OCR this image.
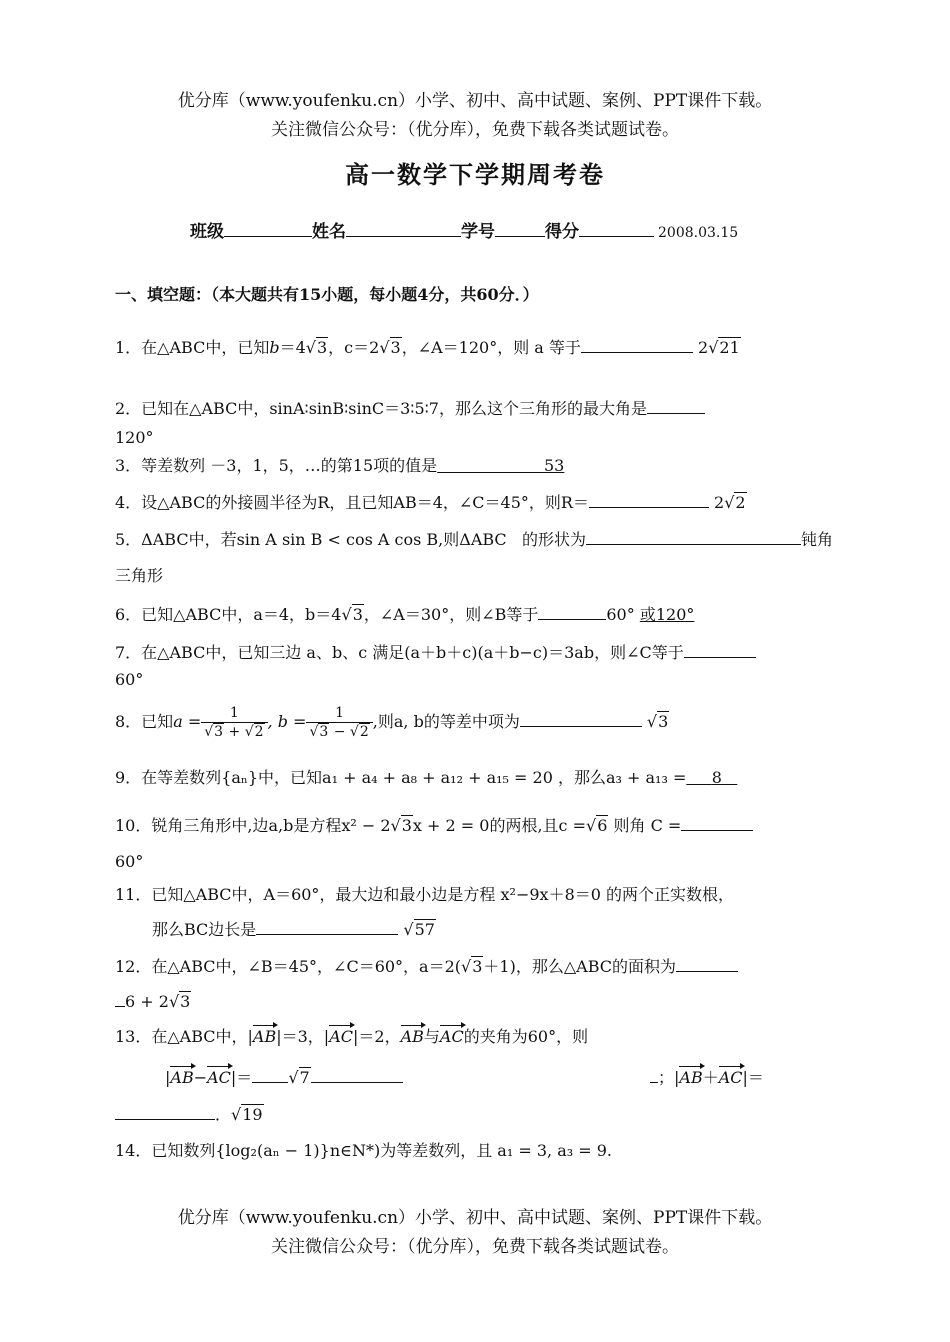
优分库（www.youfenku.cn）小学、初中、高中试题、案例、PPT课件下载。
关注微信公众号：（优分库），免费下载各类试题试卷。
高一数学下学期周考卷
班级	姓名	学号	得分	2008.03.15
一、填空题：（本大题共有15小题，每小题4分，共60分．）
1．在△ABC中，已知b＝4√3，c＝2√3，∠A＝120°，则 a 等于	2√21
2．已知在△ABC中，sinA∶sinB∶sinC＝3∶5∶7，那么这个三角形的最大角是
120°
3．等差数列 －3，1，5，…的第15项的值是	53
4．设△ABC的外接圆半径为R，且已知AB＝4，∠C＝45°，则R＝	2√2
5．ΔABC中，若sin A sin B < cos A cos B,则ΔABC 的形状为	钝角
三角形
6．已知△ABC中，a＝4，b＝4√3，∠A＝30°，则∠B等于	60° 或120°
7．在△ABC中，已知三边 a、b、c 满足(a＋b＋c)(a＋b−c)＝3ab，则∠C等于
60°
8．已知$a = \frac{1}{√3 + √2}$ , $b = \frac{1}{√3 - √2}$ ,则a, b的等差中项为	√3
9．在等差数列{aₙ}中，已知a₁ + a₄ + a₈ + a₁₂ + a₁₅ = 20 ，那么a₃ + a₁₃ = 8
10．锐角三角形中,边a,b是方程x² − 2√3x + 2 = 0的两根,且c =√6 则角 C =
60°
11．已知△ABC中，A＝60°，最大边和最小边是方程 x²−9x＋8＝0 的两个正实数根，
那么BC边长是	√57
12．在△ABC中，∠B＝45°，∠C＝60°，a＝2(√3＋1)，那么△ABC的面积为
6 + 2√3
13．在△ABC中，|AB|＝3，|AC|＝2，AB与AC的夹角为60°，则
|AB−AC|＝ √7	；|AB＋AC|＝
．√19
14．已知数列{log₂(aₙ − 1)}n∈N*)为等差数列，且 a₁ = 3, a₃ = 9.
优分库（www.youfenku.cn）小学、初中、高中试题、案例、PPT课件下载。
关注微信公众号：（优分库），免费下载各类试题试卷。
